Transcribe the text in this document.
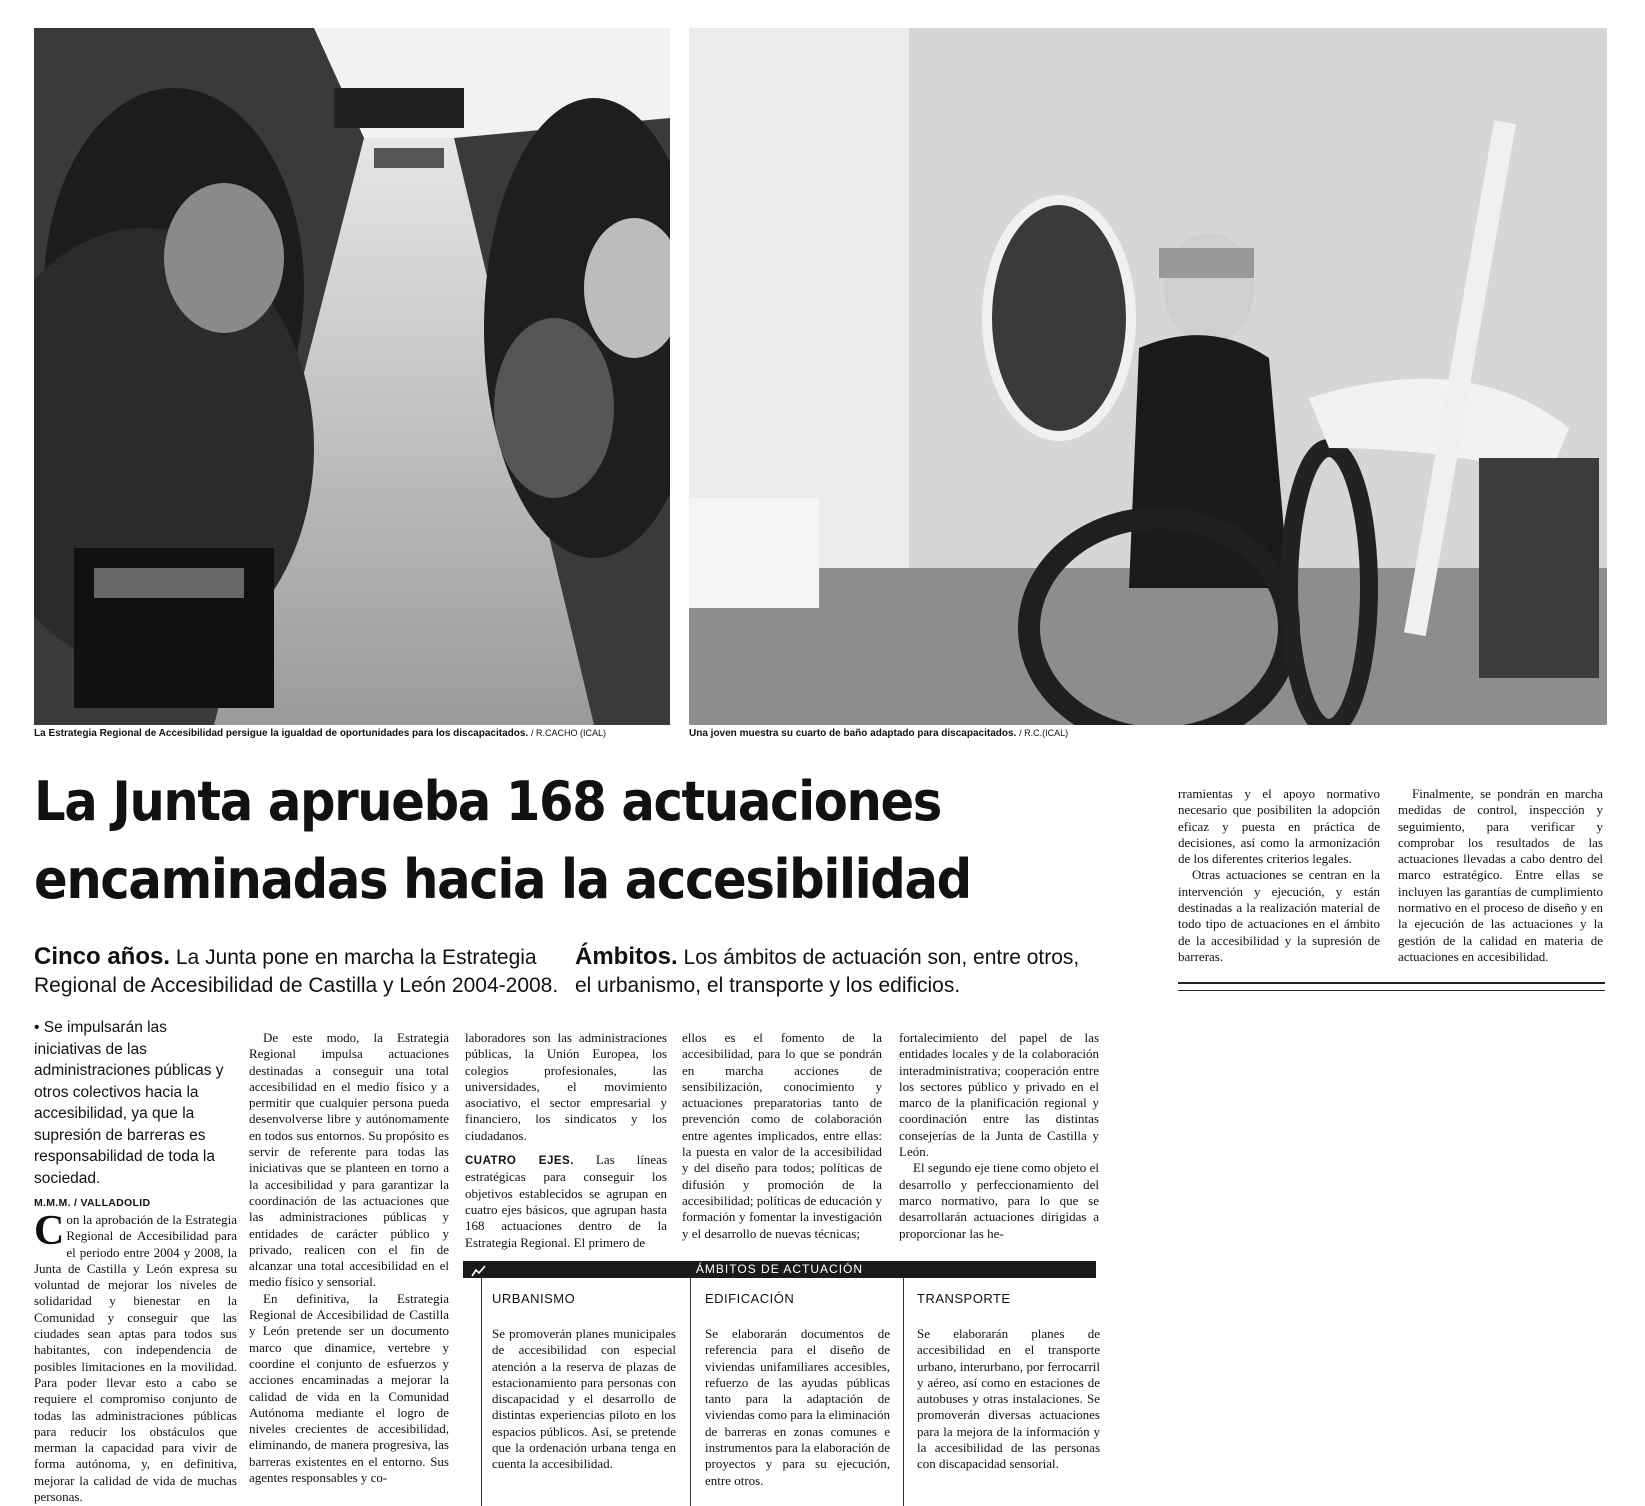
La Estrategia Regional de Accesibilidad persigue la igualdad de oportunidades para los discapacitados. / R.CACHO (ICAL)	Una joven muestra su cuarto de baño adaptado para discapacitados. / R.C.(ICAL)
La Junta aprueba 168 actuaciones
encaminadas hacia la accesibilidad
Cinco años. La Junta pone en marcha la Estrategia Regional de Accesibilidad de Castilla y León 2004-2008.
Ámbitos. Los ámbitos de actuación son, entre otros, el urbanismo, el transporte y los edificios.
• Se impulsarán las iniciativas de las administraciones públicas y otros colectivos hacia la accesibilidad, ya que la supresión de barreras es responsabilidad de toda la sociedad.
M.M.M. / VALLADOLID

Con la aprobación de la Estrategia Regional de Accesibilidad para el periodo entre 2004 y 2008, la Junta de Castilla y León expresa su voluntad de mejorar los niveles de solidaridad y bienestar en la Comunidad y conseguir que las ciudades sean aptas para todos sus habitantes, con independencia de posibles limitaciones en la movilidad. Para poder llevar esto a cabo se requiere el compromiso conjunto de todas las administraciones públicas para reducir los obstáculos que merman la capacidad para vivir de forma autónoma, y, en definitiva, mejorar la calidad de vida de muchas personas.

De este modo, la Estrategia Regional impulsa actuaciones destinadas a conseguir una total accesibilidad en el medio físico y a permitir que cualquier persona pueda desenvolverse libre y autónomamente en todos sus entornos. Su propósito es servir de referente para todas las iniciativas que se planteen en torno a la accesibilidad y para garantizar la coordinación de las actuaciones que las administraciones públicas y entidades de carácter público y privado, realicen con el fin de alcanzar una total accesibilidad en el medio físico y sensorial.

En definitiva, la Estrategia Regional de Accesibilidad de Castilla y León pretende ser un documento marco que dinamice, vertebre y coordine el conjunto de esfuerzos y acciones encaminadas a mejorar la calidad de vida en la Comunidad Autónoma mediante el logro de niveles crecientes de accesibilidad, eliminando, de manera progresiva, las barreras existentes en el entorno. Sus agentes responsables y co-

laboradores son las administraciones públicas, la Unión Europea, los colegios profesionales, las universidades, el movimiento asociativo, el sector empresarial y financiero, los sindicatos y los ciudadanos.

CUATRO EJES. Las líneas estratégicas para conseguir los objetivos establecidos se agrupan en cuatro ejes básicos, que agrupan hasta 168 actuaciones dentro de la Estrategia Regional. El primero de

ellos es el fomento de la accesibilidad, para lo que se pondrán en marcha acciones de sensibilización, conocimiento y actuaciones preparatorias tanto de prevención como de colaboración entre agentes implicados, entre ellas: la puesta en valor de la accesibilidad y del diseño para todos; políticas de difusión y promoción de la accesibilidad; políticas de educación y formación y fomentar la investigación y el desarrollo de nuevas técnicas;

fortalecimiento del papel de las entidades locales y de la colaboración interadministrativa; cooperación entre los sectores público y privado en el marco de la planificación regional y coordinación entre las distintas consejerías de la Junta de Castilla y León.

El segundo eje tiene como objeto el desarrollo y perfeccionamiento del marco normativo, para lo que se desarrollarán actuaciones dirigidas a proporcionar las he-

rramientas y el apoyo normativo necesario que posibiliten la adopción eficaz y puesta en práctica de decisiones, así como la armonización de los diferentes criterios legales.

Otras actuaciones se centran en la intervención y ejecución, y están destinadas a la realización material de todo tipo de actuaciones en el ámbito de la accesibilidad y la supresión de barreras.

Finalmente, se pondrán en marcha medidas de control, inspección y seguimiento, para verificar y comprobar los resultados de las actuaciones llevadas a cabo dentro del marco estratégico. Entre ellas se incluyen las garantías de cumplimiento normativo en el proceso de diseño y en la ejecución de las actuaciones y la gestión de la calidad en materia de actuaciones en accesibilidad.

ÁMBITOS DE ACTUACIÓN
URBANISMO
Se promoverán planes municipales de accesibilidad con especial atención a la reserva de plazas de estacionamiento para personas con discapacidad y el desarrollo de distintas experiencias piloto en los espacios públicos. Así, se pretende que la ordenación urbana tenga en cuenta la accesibilidad.
EDIFICACIÓN
Se elaborarán documentos de referencia para el diseño de viviendas unifamiliares accesibles, refuerzo de las ayudas públicas tanto para la adaptación de viviendas como para la eliminación de barreras en zonas comunes e instrumentos para la elaboración de proyectos y para su ejecución, entre otros.
TRANSPORTE
Se elaborarán planes de accesibilidad en el transporte urbano, interurbano, por ferrocarril y aéreo, así como en estaciones de autobuses y otras instalaciones. Se promoverán diversas actuaciones para la mejora de la información y la accesibilidad de las personas con discapacidad sensorial.
